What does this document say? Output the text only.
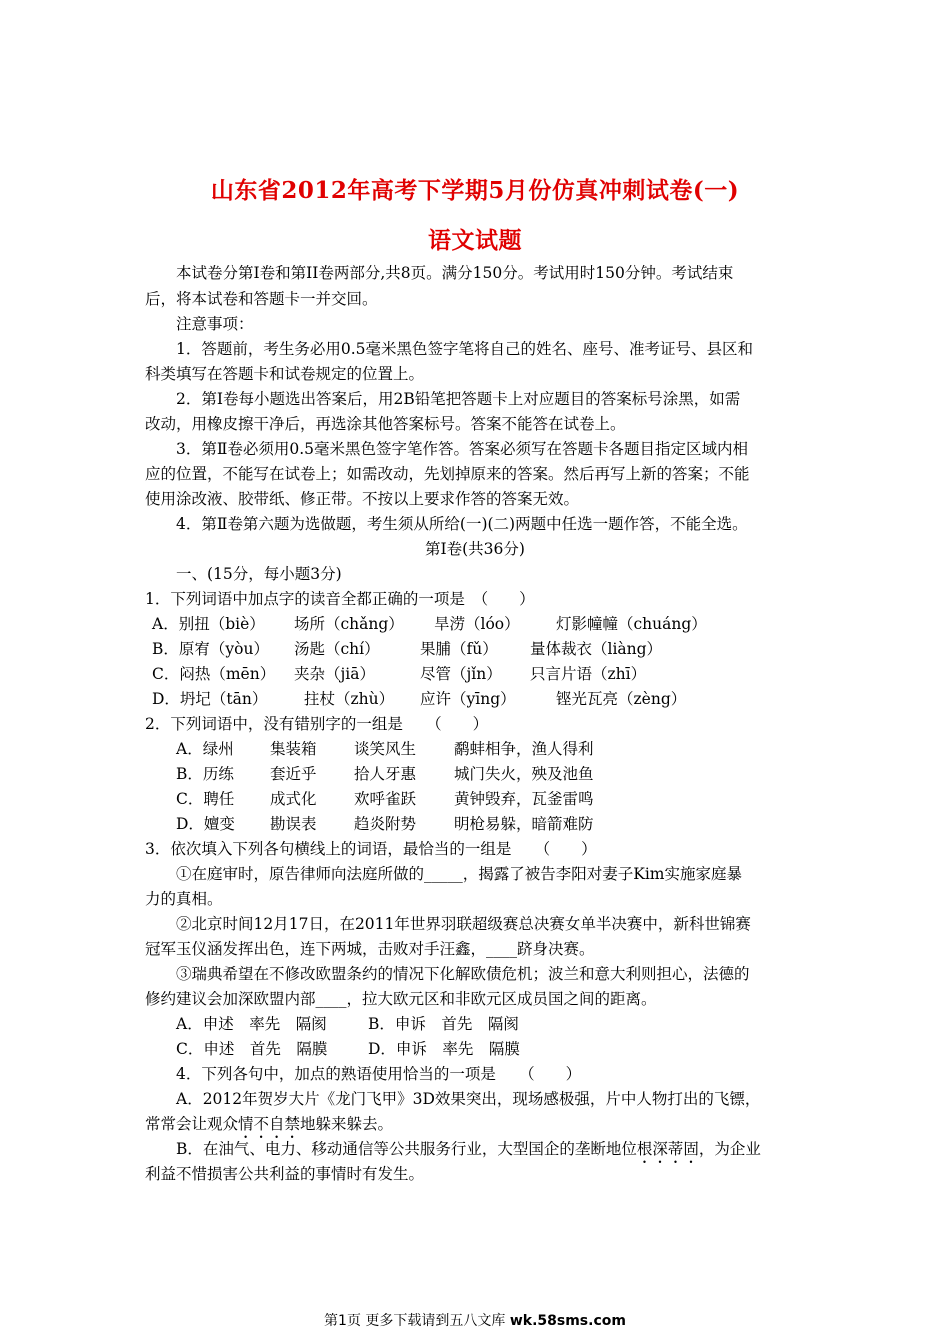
山东省2012年高考下学期5月份仿真冲刺试卷(一)
语文试题
本试卷分第Ⅰ卷和第II卷两部分,共8页。满分150分。考试用时150分钟。考试结束
后，将本试卷和答题卡一并交回。
注意事项：
1．答题前，考生务必用0.5毫米黑色签字笔将自己的姓名、座号、准考证号、县区和
科类填写在答题卡和试卷规定的位置上。
2．第Ⅰ卷每小题选出答案后，用2B铅笔把答题卡上对应题目的答案标号涂黑，如需
改动，用橡皮擦干净后，再选涂其他答案标号。答案不能答在试卷上。
3．第Ⅱ卷必须用0.5毫米黑色签字笔作答。答案必须写在答题卡各题目指定区域内相
应的位置，不能写在试卷上；如需改动，先划掉原来的答案。然后再写上新的答案；不能
使用涂改液、胶带纸、修正带。不按以上要求作答的答案无效。
4．第Ⅱ卷第六题为选做题，考生须从所给(一)(二)两题中任选一题作答，不能全选。
第Ⅰ卷(共36分)
一、(15分，每小题3分)
1．下列词语中加点字的读音全都正确的一项是　（　　）
A．别扭（biè） 场所（chǎng） 旱涝（lóo） 灯影幢幢（chuáng）
B．原宥（yòu） 汤匙（chí）	果脯（fǔ） 量体裁衣（liàng）
C．闷热（mēn） 夹杂（jiā）	尽管（jǐn） 只言片语（zhī）
D．坍圮（tān） 拄杖（zhù） 应许（yīng）	铿光瓦亮（zèng）
2．下列词语中，没有错别字的一组是　　（　　）
A．绿州 集装箱 谈笑风生 鹬蚌相争，渔人得利
B．历练 套近乎 拾人牙惠 城门失火，殃及池鱼
C．聘任 成式化 欢呼雀跃 黄钟毁弃，瓦釜雷鸣
D．嬗变 勘误表 趋炎附势 明枪易躲，暗箭难防
3．依次填入下列各句横线上的词语，最恰当的一组是　　（　　）
①在庭审时，原告律师向法庭所做的_____，揭露了被告李阳对妻子Kim实施家庭暴
力的真相。
②北京时间12月17日，在2011年世界羽联超级赛总决赛女单半决赛中，新科世锦赛
冠军玉仪涵发挥出色，连下两城，击败对手汪鑫，____跻身决赛。
③瑞典希望在不修改欧盟条约的情况下化解欧债危机；波兰和意大利则担心，法德的
修约建议会加深欧盟内部____，拉大欧元区和非欧元区成员国之间的距离。
A．申述　率先　隔阂	B．申诉　首先　隔阂
C．申述　首先　隔膜	D．申诉　率先　隔膜
4．下列各句中，加点的熟语使用恰当的一项是　　（　　）
A．2012年贺岁大片《龙门飞甲》3D效果突出，现场感极强，片中人物打出的飞镖，
常常会让观众情不自禁地躲来躲去。
B．在油气、电力、移动通信等公共服务行业，大型国企的垄断地位根深蒂固，为企业
利益不惜损害公共利益的事情时有发生。
第1页 更多下载请到五八文库 wk.58sms.com
